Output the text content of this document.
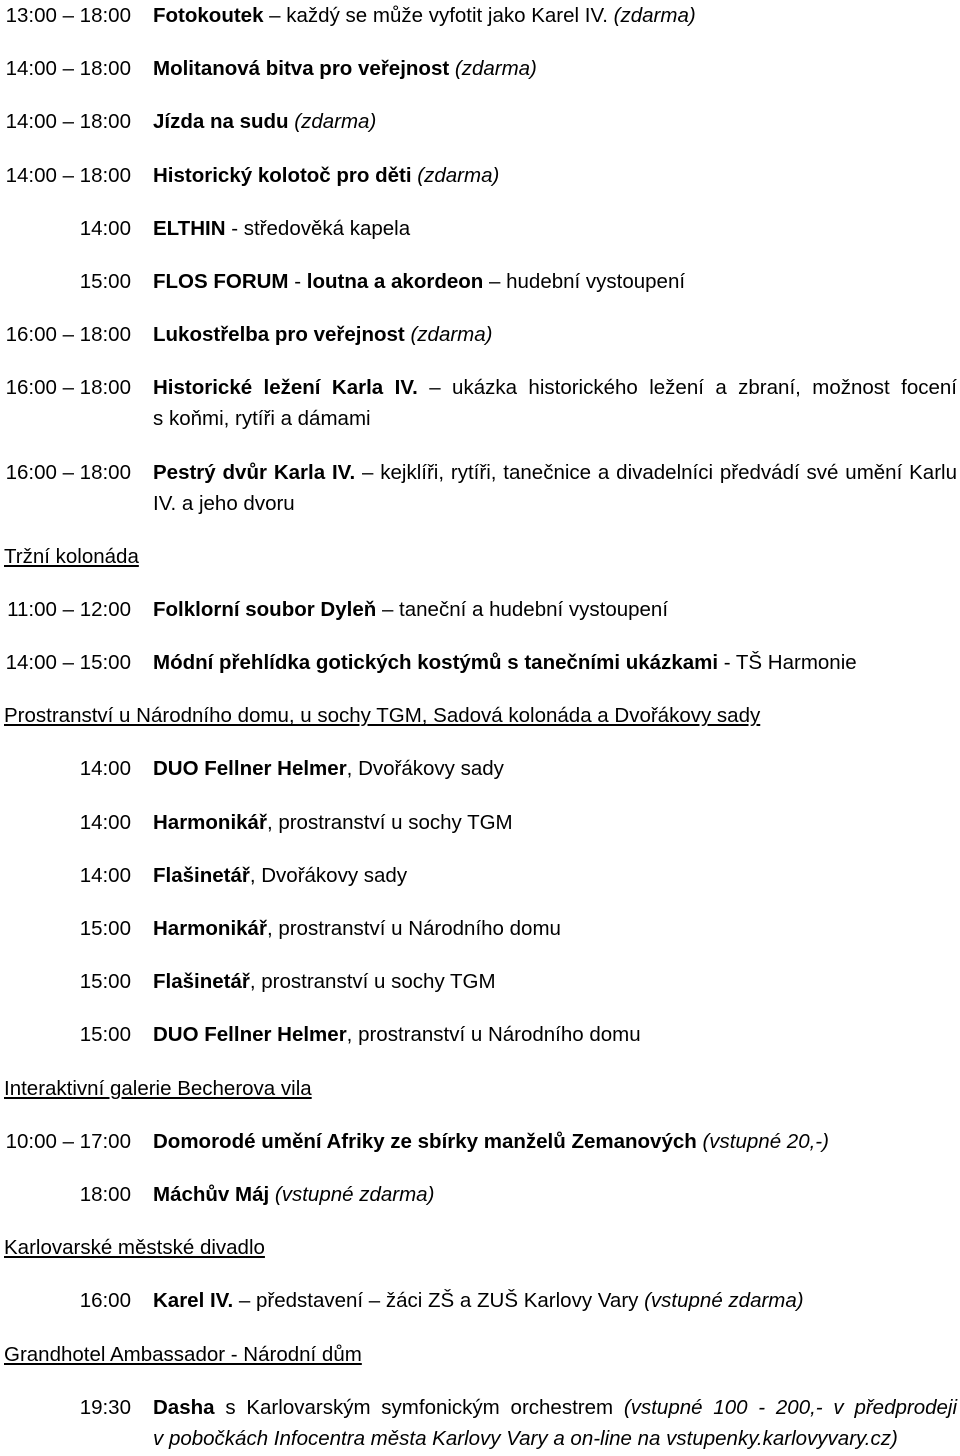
13:00 – 18:00 Fotokoutek – každý se může vyfotit jako Karel IV. (zdarma)
14:00 – 18:00 Molitanová bitva pro veřejnost (zdarma)
14:00 – 18:00 Jízda na sudu (zdarma)
14:00 – 18:00 Historický kolotoč pro děti (zdarma)
14:00 ELTHIN - středověká kapela
15:00 FLOS FORUM - loutna a akordeon – hudební vystoupení
16:00 – 18:00 Lukostřelba pro veřejnost (zdarma)
16:00 – 18:00 Historické ležení Karla IV. – ukázka historického ležení a zbraní, možnost focení s koňmi, rytíři a dámami
16:00 – 18:00 Pestrý dvůr Karla IV. – kejklíři, rytíři, tanečnice a divadelníci předvádí své umění Karlu IV. a jeho dvoru
Tržní kolonáda
11:00 – 12:00 Folklorní soubor Dyleň – taneční a hudební vystoupení
14:00 – 15:00 Módní přehlídka gotických kostýmů s tanečními ukázkami - TŠ Harmonie
Prostranství u Národního domu, u sochy TGM, Sadová kolonáda a Dvořákovy sady
14:00 DUO Fellner Helmer, Dvořákovy sady
14:00 Harmonikář, prostranství u sochy TGM
14:00 Flašinetář, Dvořákovy sady
15:00 Harmonikář, prostranství u Národního domu
15:00 Flašinetář, prostranství u sochy TGM
15:00 DUO Fellner Helmer, prostranství u Národního domu
Interaktivní galerie Becherova vila
10:00 – 17:00 Domorodé umění Afriky ze sbírky manželů Zemanových (vstupné 20,-)
18:00 Máchův Máj (vstupné zdarma)
Karlovarské městské divadlo
16:00 Karel IV. – představení – žáci ZŠ a ZUŠ Karlovy Vary (vstupné zdarma)
Grandhotel Ambassador - Národní dům
19:30 Dasha s Karlovarským symfonickým orchestrem (vstupné 100 - 200,- v předprodeji v pobočkách Infocentra města Karlovy Vary a on-line na vstupenky.karlovyvary.cz)
